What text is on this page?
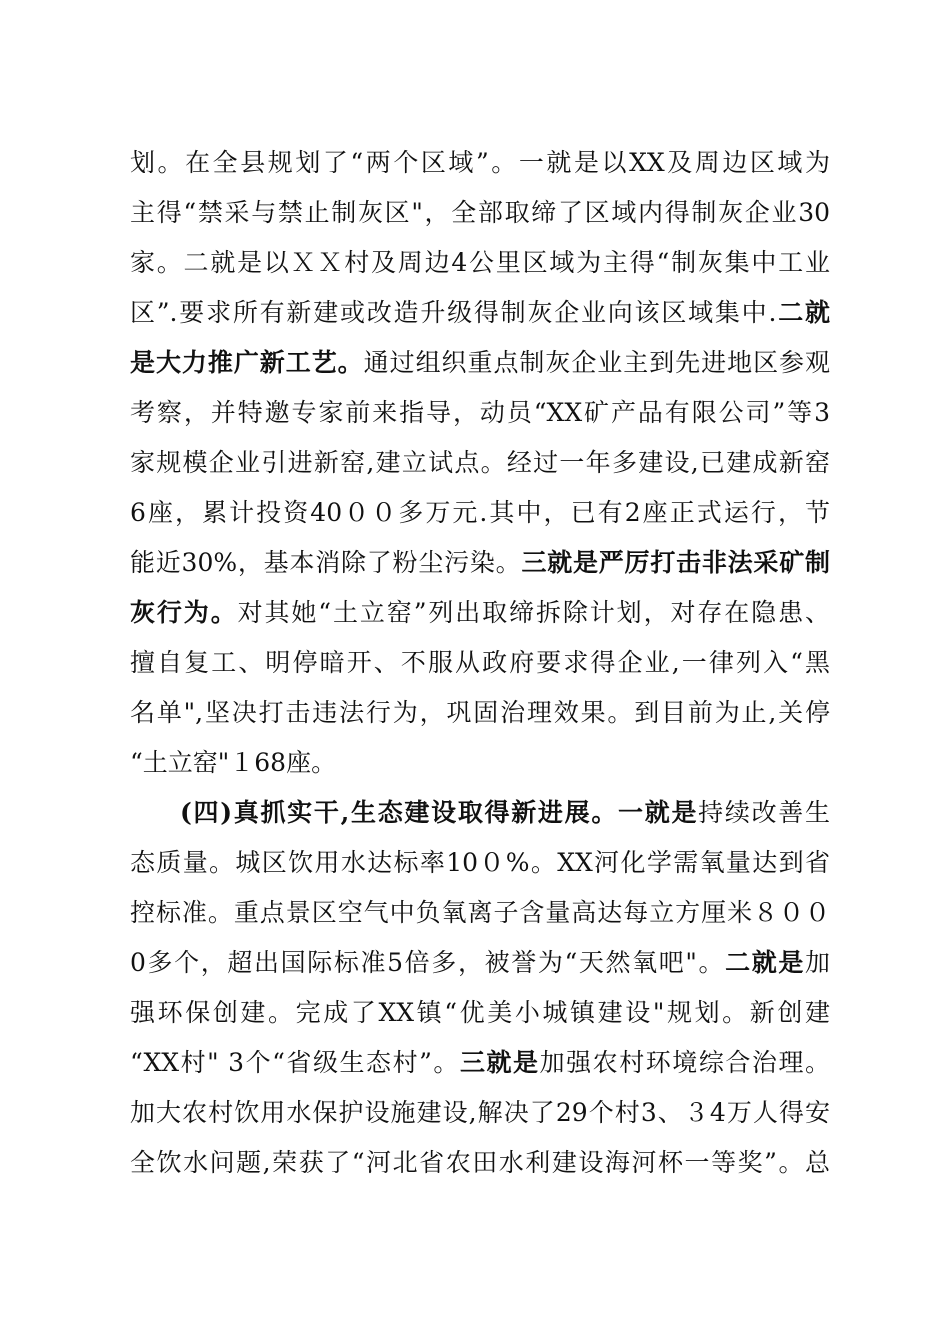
划。在全县规划了“两个区域”。一就是以XX及周边区域为
主得“禁采与禁止制灰区"，全部取缔了区域内得制灰企业30
家。二就是以ＸＸ村及周边4公里区域为主得“制灰集中工业
区”.要求所有新建或改造升级得制灰企业向该区域集中.二就
是大力推广新工艺。通过组织重点制灰企业主到先进地区参观
考察，并特邀专家前来指导，动员“XX矿产品有限公司”等3
家规模企业引进新窑,建立试点。经过一年多建设,已建成新窑
6座，累计投资40００多万元.其中，已有2座正式运行，节
能近30%，基本消除了粉尘污染。三就是严厉打击非法采矿制
灰行为。对其她“土立窑”列出取缔拆除计划，对存在隐患、
擅自复工、明停暗开、不服从政府要求得企业,一律列入“黑
名单",坚决打击违法行为，巩固治理效果。到目前为止,关停
“土立窑"１68座。
(四)真抓实干,生态建设取得新进展。一就是持续改善生
态质量。城区饮用水达标率10０%。XX河化学需氧量达到省
控标准。重点景区空气中负氧离子含量高达每立方厘米８００
0多个，超出国际标准5倍多，被誉为“天然氧吧"。二就是加
强环保创建。完成了XX镇“优美小城镇建设"规划。新创建
“XX村" 3个“省级生态村”。三就是加强农村环境综合治理。
加大农村饮用水保护设施建设,解决了29个村3、３4万人得安
全饮水问题,荣获了“河北省农田水利建设海河杯一等奖”。总
